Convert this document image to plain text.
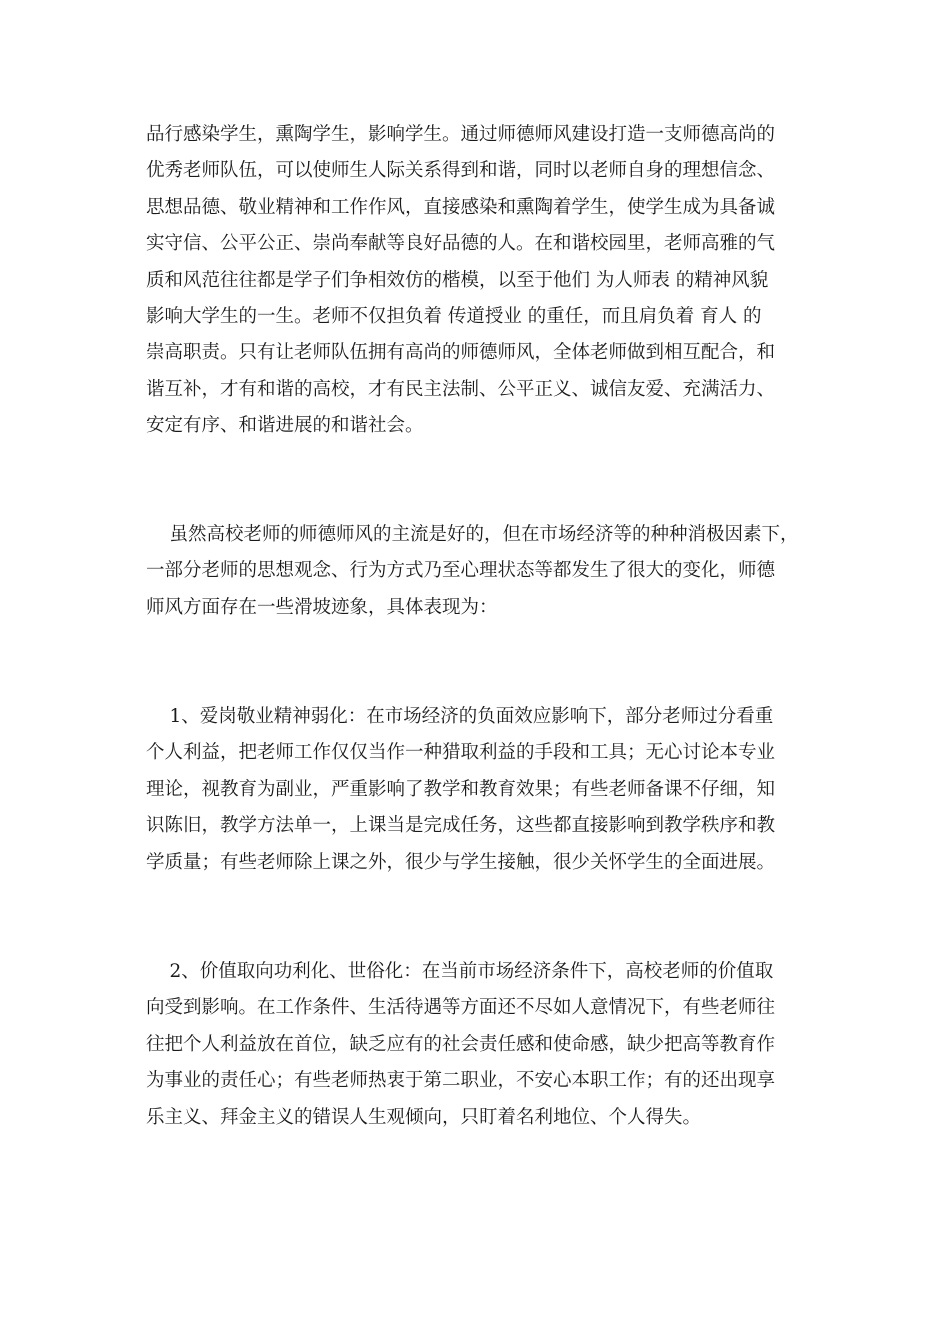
品行感染学生，熏陶学生，影响学生。通过师德师风建设打造一支师德高尚的
优秀老师队伍，可以使师生人际关系得到和谐，同时以老师自身的理想信念、
思想品德、敬业精神和工作作风，直接感染和熏陶着学生，使学生成为具备诚
实守信、公平公正、崇尚奉献等良好品德的人。在和谐校园里，老师高雅的气
质和风范往往都是学子们争相效仿的楷模，以至于他们 为人师表 的精神风貌
影响大学生的一生。老师不仅担负着 传道授业 的重任，而且肩负着 育人 的
崇高职责。只有让老师队伍拥有高尚的师德师风，全体老师做到相互配合，和
谐互补，才有和谐的高校，才有民主法制、公平正义、诚信友爱、充满活力、
安定有序、和谐进展的和谐社会。
虽然高校老师的师德师风的主流是好的，但在市场经济等的种种消极因素下，
一部分老师的思想观念、行为方式乃至心理状态等都发生了很大的变化，师德
师风方面存在一些滑坡迹象，具体表现为：
1、爱岗敬业精神弱化：在市场经济的负面效应影响下，部分老师过分看重
个人利益，把老师工作仅仅当作一种猎取利益的手段和工具；无心讨论本专业
理论，视教育为副业，严重影响了教学和教育效果；有些老师备课不仔细，知
识陈旧，教学方法单一，上课当是完成任务，这些都直接影响到教学秩序和教
学质量；有些老师除上课之外，很少与学生接触，很少关怀学生的全面进展。
2、价值取向功利化、世俗化：在当前市场经济条件下，高校老师的价值取
向受到影响。在工作条件、生活待遇等方面还不尽如人意情况下，有些老师往
往把个人利益放在首位，缺乏应有的社会责任感和使命感，缺少把高等教育作
为事业的责任心；有些老师热衷于第二职业，不安心本职工作；有的还出现享
乐主义、拜金主义的错误人生观倾向，只盯着名利地位、个人得失。
